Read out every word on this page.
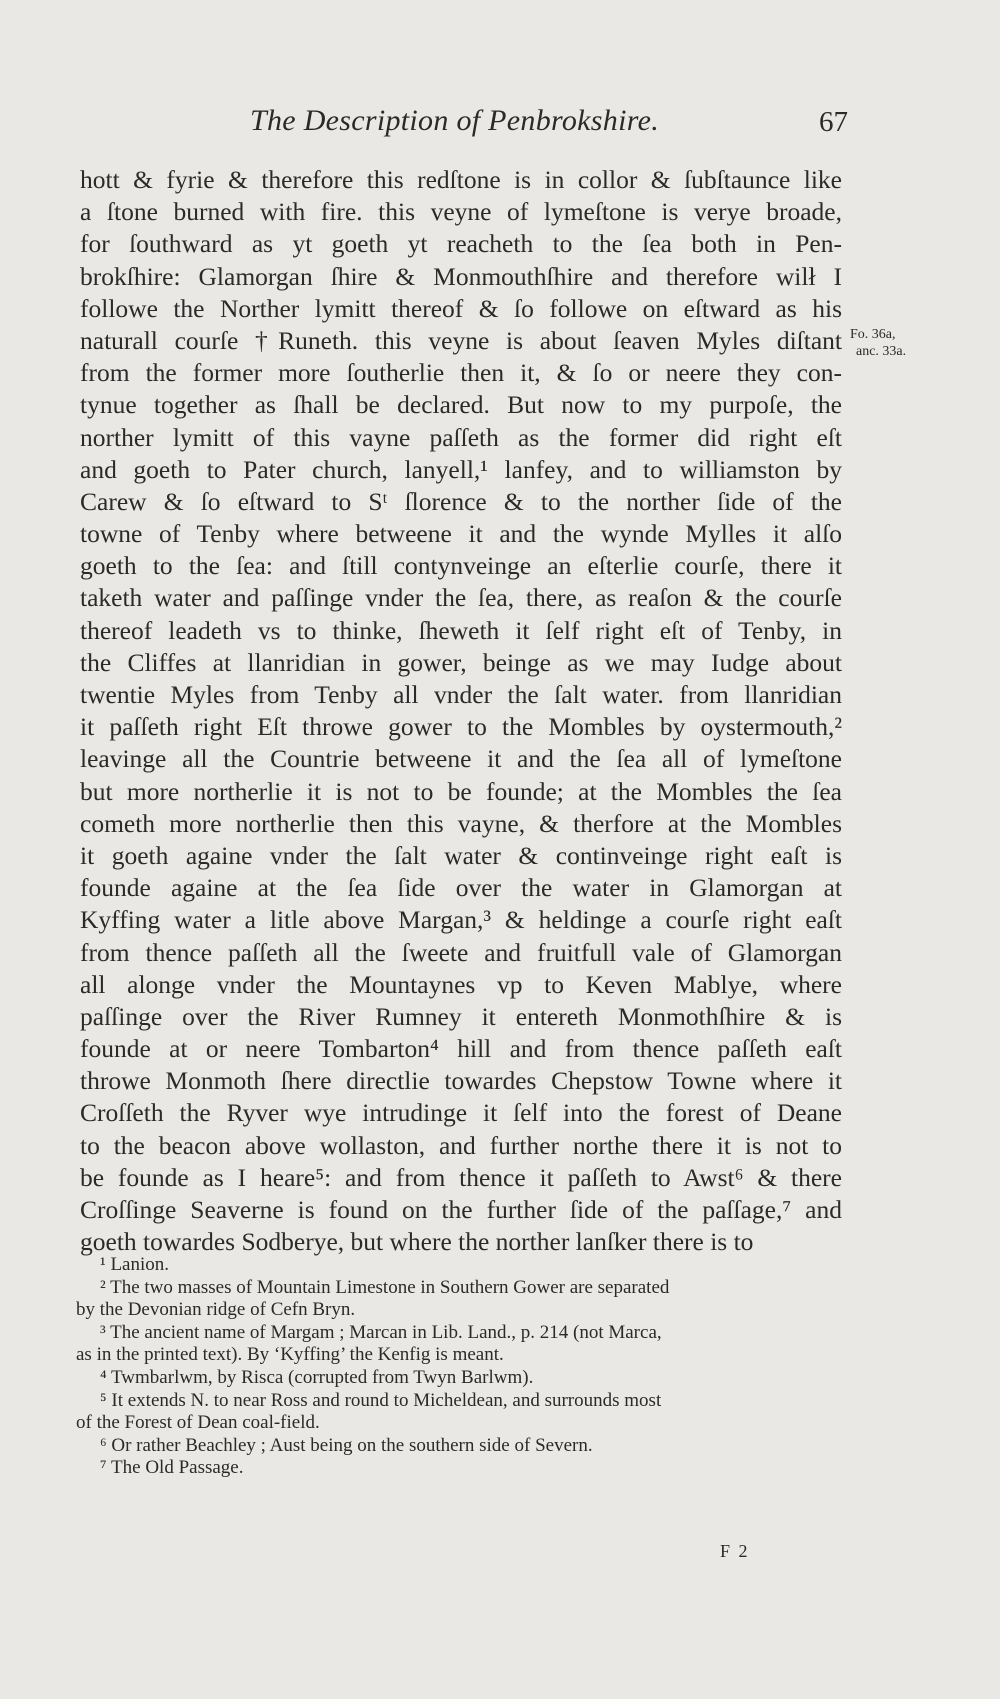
The Description of Penbrokshire.	67
hott & fyrie & therefore this redſtone is in collor & ſubſtaunce like
a ſtone burned with fire. this veyne of lymeſtone is verye broade,
for ſouthward as yt goeth yt reacheth to the ſea both in Pen-
brokſhire: Glamorgan ſhire & Monmouthſhire and therefore wilł I
followe the Norther lymitt thereof & ſo followe on eſtward as his
naturall courſe †Runeth. this veyne is about ſeaven Myles diſtant
from the former more ſoutherlie then it, & ſo or neere they con-
tynue together as ſhall be declared. But now to my purpoſe, the
norther lymitt of this vayne paſſeth as the former did right eſt
and goeth to Pater church, lanyell,¹ lanfey, and to williamston by
Carew & ſo eſtward to Sᵗ ſlorence & to the norther ſide of the
towne of Tenby where betweene it and the wynde Mylles it alſo
goeth to the ſea: and ſtill contynveinge an eſterlie courſe, there it
taketh water and paſſinge vnder the ſea, there, as reaſon & the courſe
thereof leadeth vs to thinke, ſheweth it ſelf right eſt of Tenby, in
the Cliffes at llanridian in gower, beinge as we may Iudge about
twentie Myles from Tenby all vnder the ſalt water. from llanridian
it paſſeth right Eſt throwe gower to the Mombles by oystermouth,²
leavinge all the Countrie betweene it and the ſea all of lymeſtone
but more northerlie it is not to be founde; at the Mombles the ſea
cometh more northerlie then this vayne, & therfore at the Mombles
it goeth againe vnder the ſalt water & continveinge right eaſt is
founde againe at the ſea ſide over the water in Glamorgan at
Kyffing water a litle above Margan,³ & heldinge a courſe right eaſt
from thence paſſeth all the ſweete and fruitfull vale of Glamorgan
all alonge vnder the Mountaynes vp to Keven Mablye, where
paſſinge over the River Rumney it entereth Monmothſhire & is
founde at or neere Tombarton⁴ hill and from thence paſſeth eaſt
throwe Monmoth ſhere directlie towardes Chepstow Towne where it
Croſſeth the Ryver wye intrudinge it ſelf into the forest of Deane
to the beacon above wollaston, and further northe there it is not to
be founde as I heare⁵: and from thence it paſſeth to Awst⁶ & there
Croſſinge Seaverne is found on the further ſide of the paſſage,⁷ and
goeth towardes Sodberye, but where the norther lanſker there is to
Fo. 36a,
anc. 33a.
¹ Lanion.
² The two masses of Mountain Limestone in Southern Gower are separated
by the Devonian ridge of Cefn Bryn.
³ The ancient name of Margam ; Marcan in Lib. Land., p. 214 (not Marca,
as in the printed text). By ‘Kyffing’ the Kenfig is meant.
⁴ Twmbarlwm, by Risca (corrupted from Twyn Barlwm).
⁵ It extends N. to near Ross and round to Micheldean, and surrounds most
of the Forest of Dean coal-field.
⁶ Or rather Beachley ; Aust being on the southern side of Severn.
⁷ The Old Passage.
F 2
